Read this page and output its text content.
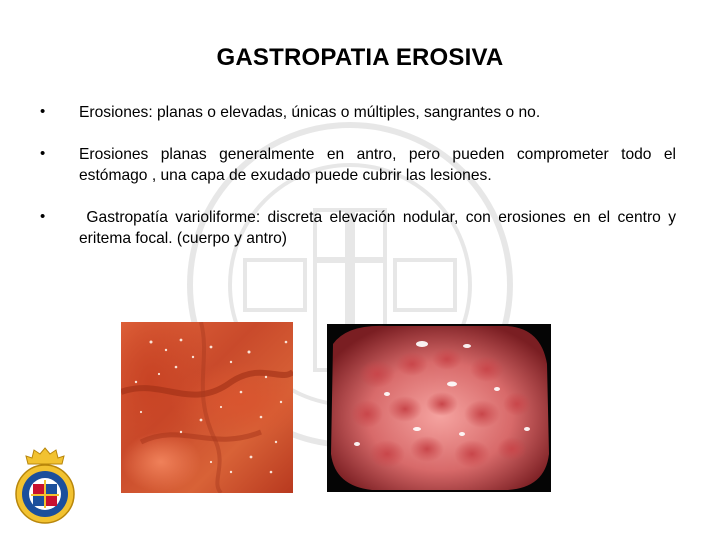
GASTROPATIA EROSIVA
• Erosiones: planas o elevadas, únicas o múltiples, sangrantes o no.
• Erosiones planas generalmente en antro, pero pueden comprometer todo el estómago , una capa de exudado puede cubrir las lesiones.
• Gastropatía varioliforme: discreta elevación nodular, con erosiones en el centro y eritema focal. (cuerpo y antro)
